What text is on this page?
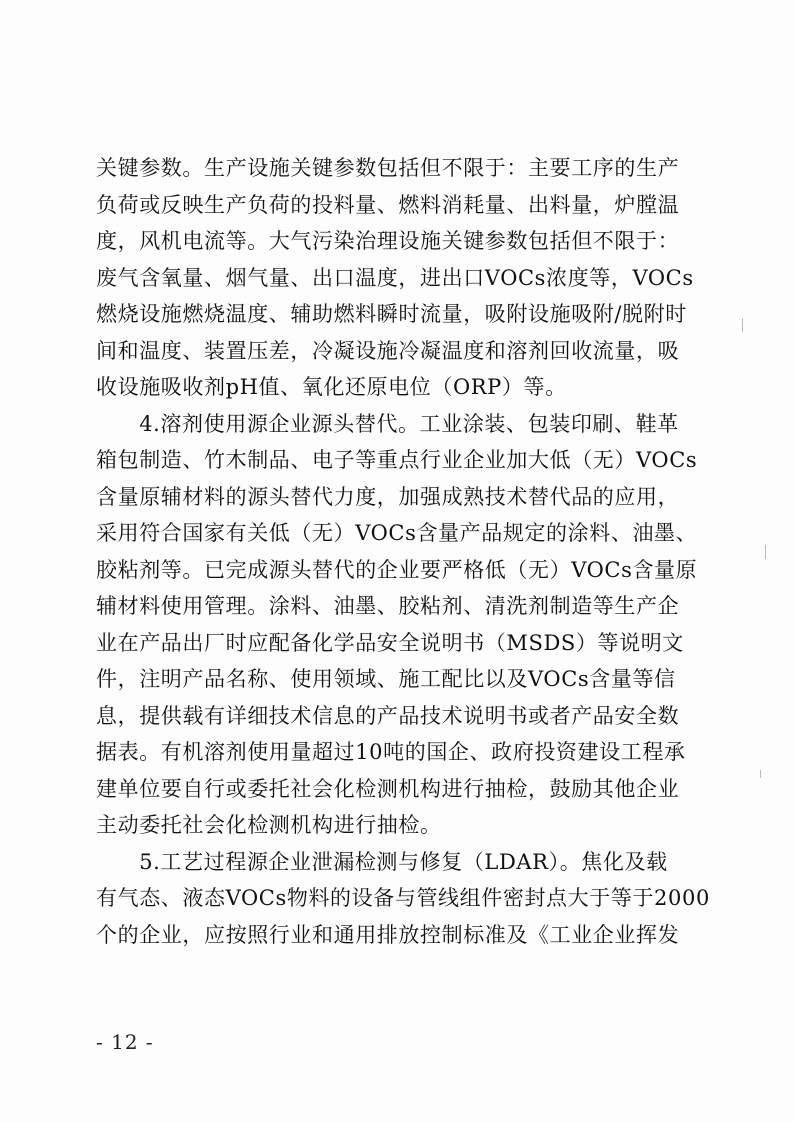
关键参数。生产设施关键参数包括但不限于：主要工序的生产
负荷或反映生产负荷的投料量、燃料消耗量、出料量，炉膛温
度，风机电流等。大气污染治理设施关键参数包括但不限于：
废气含氧量、烟气量、出口温度，进出口VOCs浓度等，VOCs
燃烧设施燃烧温度、辅助燃料瞬时流量，吸附设施吸附/脱附时
间和温度、装置压差，冷凝设施冷凝温度和溶剂回收流量，吸
收设施吸收剂pH值、氧化还原电位（ORP）等。
　　4.溶剂使用源企业源头替代。工业涂装、包装印刷、鞋革
箱包制造、竹木制品、电子等重点行业企业加大低（无）VOCs
含量原辅材料的源头替代力度，加强成熟技术替代品的应用，
采用符合国家有关低（无）VOCs含量产品规定的涂料、油墨、
胶粘剂等。已完成源头替代的企业要严格低（无）VOCs含量原
辅材料使用管理。涂料、油墨、胶粘剂、清洗剂制造等生产企
业在产品出厂时应配备化学品安全说明书（MSDS）等说明文
件，注明产品名称、使用领域、施工配比以及VOCs含量等信
息，提供载有详细技术信息的产品技术说明书或者产品安全数
据表。有机溶剂使用量超过10吨的国企、政府投资建设工程承
建单位要自行或委托社会化检测机构进行抽检，鼓励其他企业
主动委托社会化检测机构进行抽检。
　　5.工艺过程源企业泄漏检测与修复（LDAR）。焦化及载
有气态、液态VOCs物料的设备与管线组件密封点大于等于2000
个的企业，应按照行业和通用排放控制标准及《工业企业挥发
- 12 -
